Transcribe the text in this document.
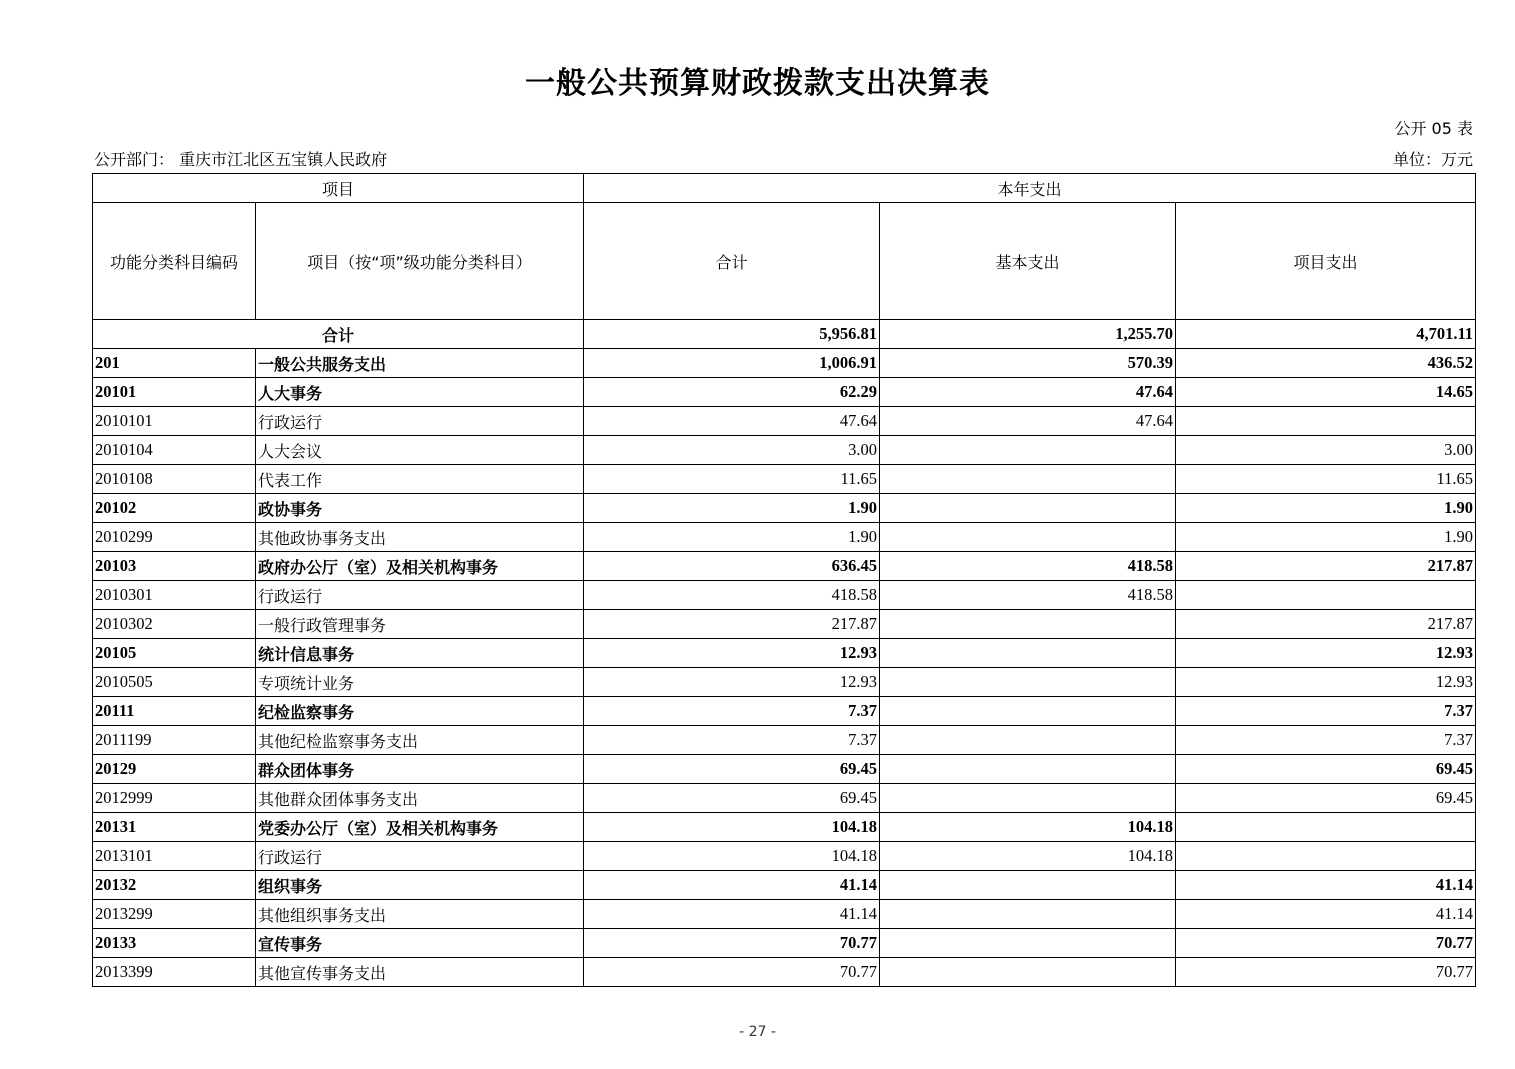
一般公共预算财政拨款支出决算表
公开 05 表
公开部门： 重庆市江北区五宝镇人民政府	单位：万元
项目		本年支出		
功能分类科目编码	项目（按“项”级功能分类科目）	合计	基本支出	项目支出
合计		5,956.81	1,255.70	4,701.11
201	一般公共服务支出	1,006.91	570.39	436.52
20101	人大事务	62.29	47.64	14.65
2010101	行政运行	47.64	47.64	
2010104	人大会议	3.00		3.00
2010108	代表工作	11.65		11.65
20102	政协事务	1.90		1.90
2010299	其他政协事务支出	1.90		1.90
20103	政府办公厅（室）及相关机构事务	636.45	418.58	217.87
2010301	行政运行	418.58	418.58	
2010302	一般行政管理事务	217.87		217.87
20105	统计信息事务	12.93		12.93
2010505	专项统计业务	12.93		12.93
20111	纪检监察事务	7.37		7.37
2011199	其他纪检监察事务支出	7.37		7.37
20129	群众团体事务	69.45		69.45
2012999	其他群众团体事务支出	69.45		69.45
20131	党委办公厅（室）及相关机构事务	104.18	104.18	
2013101	行政运行	104.18	104.18	
20132	组织事务	41.14		41.14
2013299	其他组织事务支出	41.14		41.14
20133	宣传事务	70.77		70.77
2013399	其他宣传事务支出	70.77		70.77
- 27 -
